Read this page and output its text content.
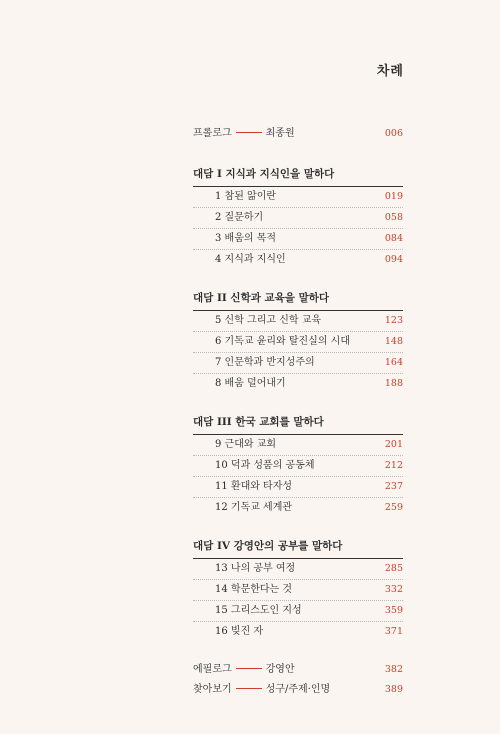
차례
프롤로그	최종원	006
대담 I 지식과 지식인을 말하다
1 참된 앎이란	019
2 질문하기	058
3 배움의 목적	084
4 지식과 지식인	094
대담 II 신학과 교육을 말하다
5 신학 그리고 신학 교육	123
6 기독교 윤리와 탈진실의 시대	148
7 인문학과 반지성주의	164
8 배움 덜어내기	188
대담 III 한국 교회를 말하다
9 근대와 교회	201
10 덕과 성품의 공동체	212
11 환대와 타자성	237
12 기독교 세계관	259
대담 IV 강영안의 공부를 말하다
13 나의 공부 여정	285
14 학문한다는 것	332
15 그리스도인 지성	359
16 빚진 자	371
에필로그	강영안	382
찾아보기	성구/주제·인명	389
